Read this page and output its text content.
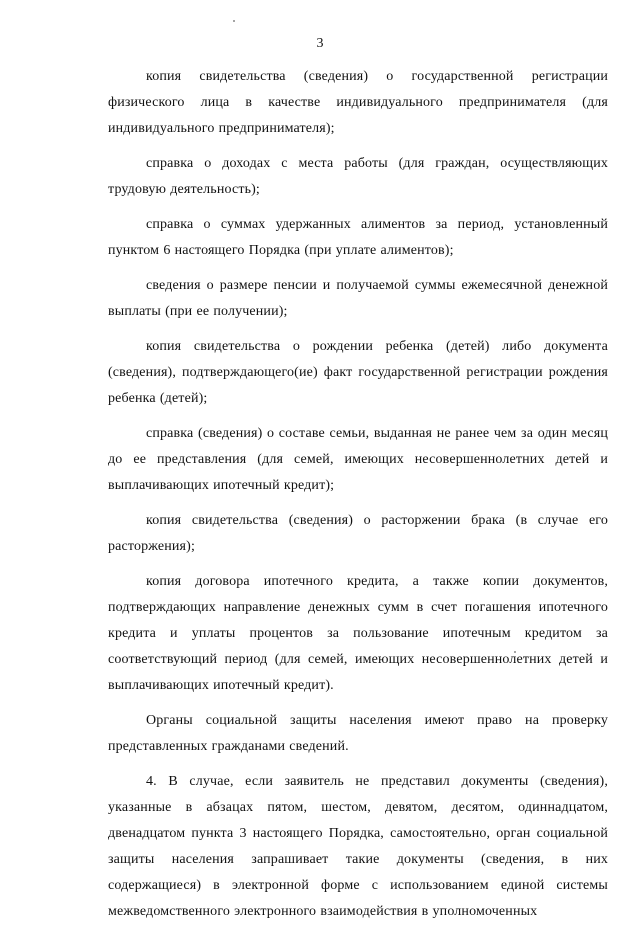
3

копия свидетельства (сведения) о государственной регистрации физического лица в качестве индивидуального предпринимателя (для индивидуального предпринимателя);

справка о доходах с места работы (для граждан, осуществляющих трудовую деятельность);

справка о суммах удержанных алиментов за период, установленный пунктом 6 настоящего Порядка (при уплате алиментов);

сведения о размере пенсии и получаемой суммы ежемесячной денежной выплаты (при ее получении);

копия свидетельства о рождении ребенка (детей) либо документа (сведения), подтверждающего(ие) факт государственной регистрации рождения ребенка (детей);

справка (сведения) о составе семьи, выданная не ранее чем за один месяц до ее представления (для семей, имеющих несовершеннолетних детей и выплачивающих ипотечный кредит);

копия свидетельства (сведения) о расторжении брака (в случае его расторжения);

копия договора ипотечного кредита, а также копии документов, подтверждающих направление денежных сумм в счет погашения ипотечного кредита и уплаты процентов за пользование ипотечным кредитом за соответствующий период (для семей, имеющих несовершеннолетних детей и выплачивающих ипотечный кредит).

Органы социальной защиты населения имеют право на проверку представленных гражданами сведений.

4. В случае, если заявитель не представил документы (сведения), указанные в абзацах пятом, шестом, девятом, десятом, одиннадцатом, двенадцатом пункта 3 настоящего Порядка, самостоятельно, орган социальной защиты населения запрашивает такие документы (сведения, в них содержащиеся) в электронной форме с использованием единой системы межведомственного электронного взаимодействия в уполномоченных
